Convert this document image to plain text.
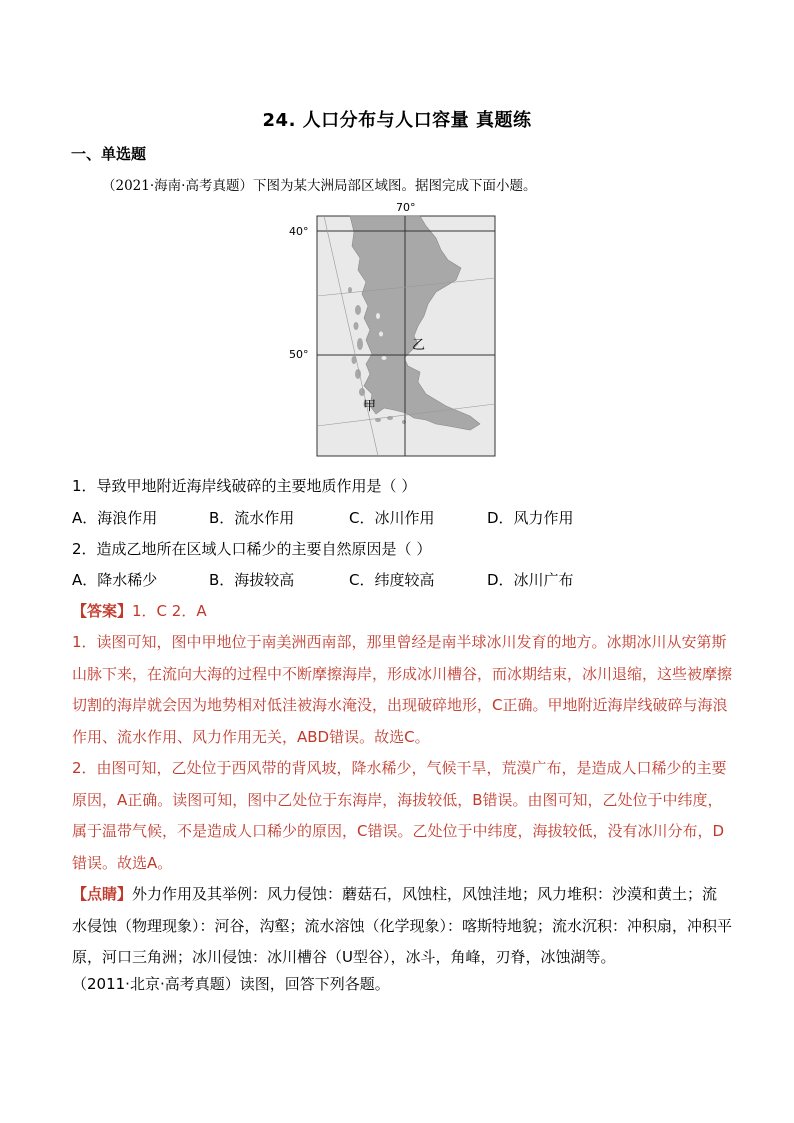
24. 人口分布与人口容量 真题练
一、单选题
（2021·海南·高考真题）下图为某大洲局部区域图。据图完成下面小题。
70°
40°
50°
乙
甲
1．导致甲地附近海岸线破碎的主要地质作用是（ ）
A．海浪作用	B．流水作用	C．冰川作用	D．风力作用
2．造成乙地所在区域人口稀少的主要自然原因是（ ）
A．降水稀少	B．海拔较高	C．纬度较高	D．冰川广布
【答案】1．C 2．A
1．读图可知，图中甲地位于南美洲西南部，那里曾经是南半球冰川发育的地方。冰期冰川从安第斯山脉下来，在流向大海的过程中不断摩擦海岸，形成冰川槽谷，而冰期结束，冰川退缩，这些被摩擦切割的海岸就会因为地势相对低洼被海水淹没，出现破碎地形，C正确。甲地附近海岸线破碎与海浪作用、流水作用、风力作用无关，ABD错误。故选C。
2．由图可知，乙处位于西风带的背风坡，降水稀少，气候干旱，荒漠广布，是造成人口稀少的主要原因，A正确。读图可知，图中乙处位于东海岸，海拔较低，B错误。由图可知，乙处位于中纬度，属于温带气候，不是造成人口稀少的原因，C错误。乙处位于中纬度，海拔较低，没有冰川分布，D错误。故选A。
【点睛】外力作用及其举例：风力侵蚀：蘑菇石，风蚀柱，风蚀洼地；风力堆积：沙漠和黄土；流水侵蚀（物理现象）：河谷，沟壑；流水溶蚀（化学现象）：喀斯特地貌；流水沉积：冲积扇，冲积平原，河口三角洲；冰川侵蚀：冰川槽谷（U型谷），冰斗，角峰，刃脊，冰蚀湖等。
（2011·北京·高考真题）读图，回答下列各题。
